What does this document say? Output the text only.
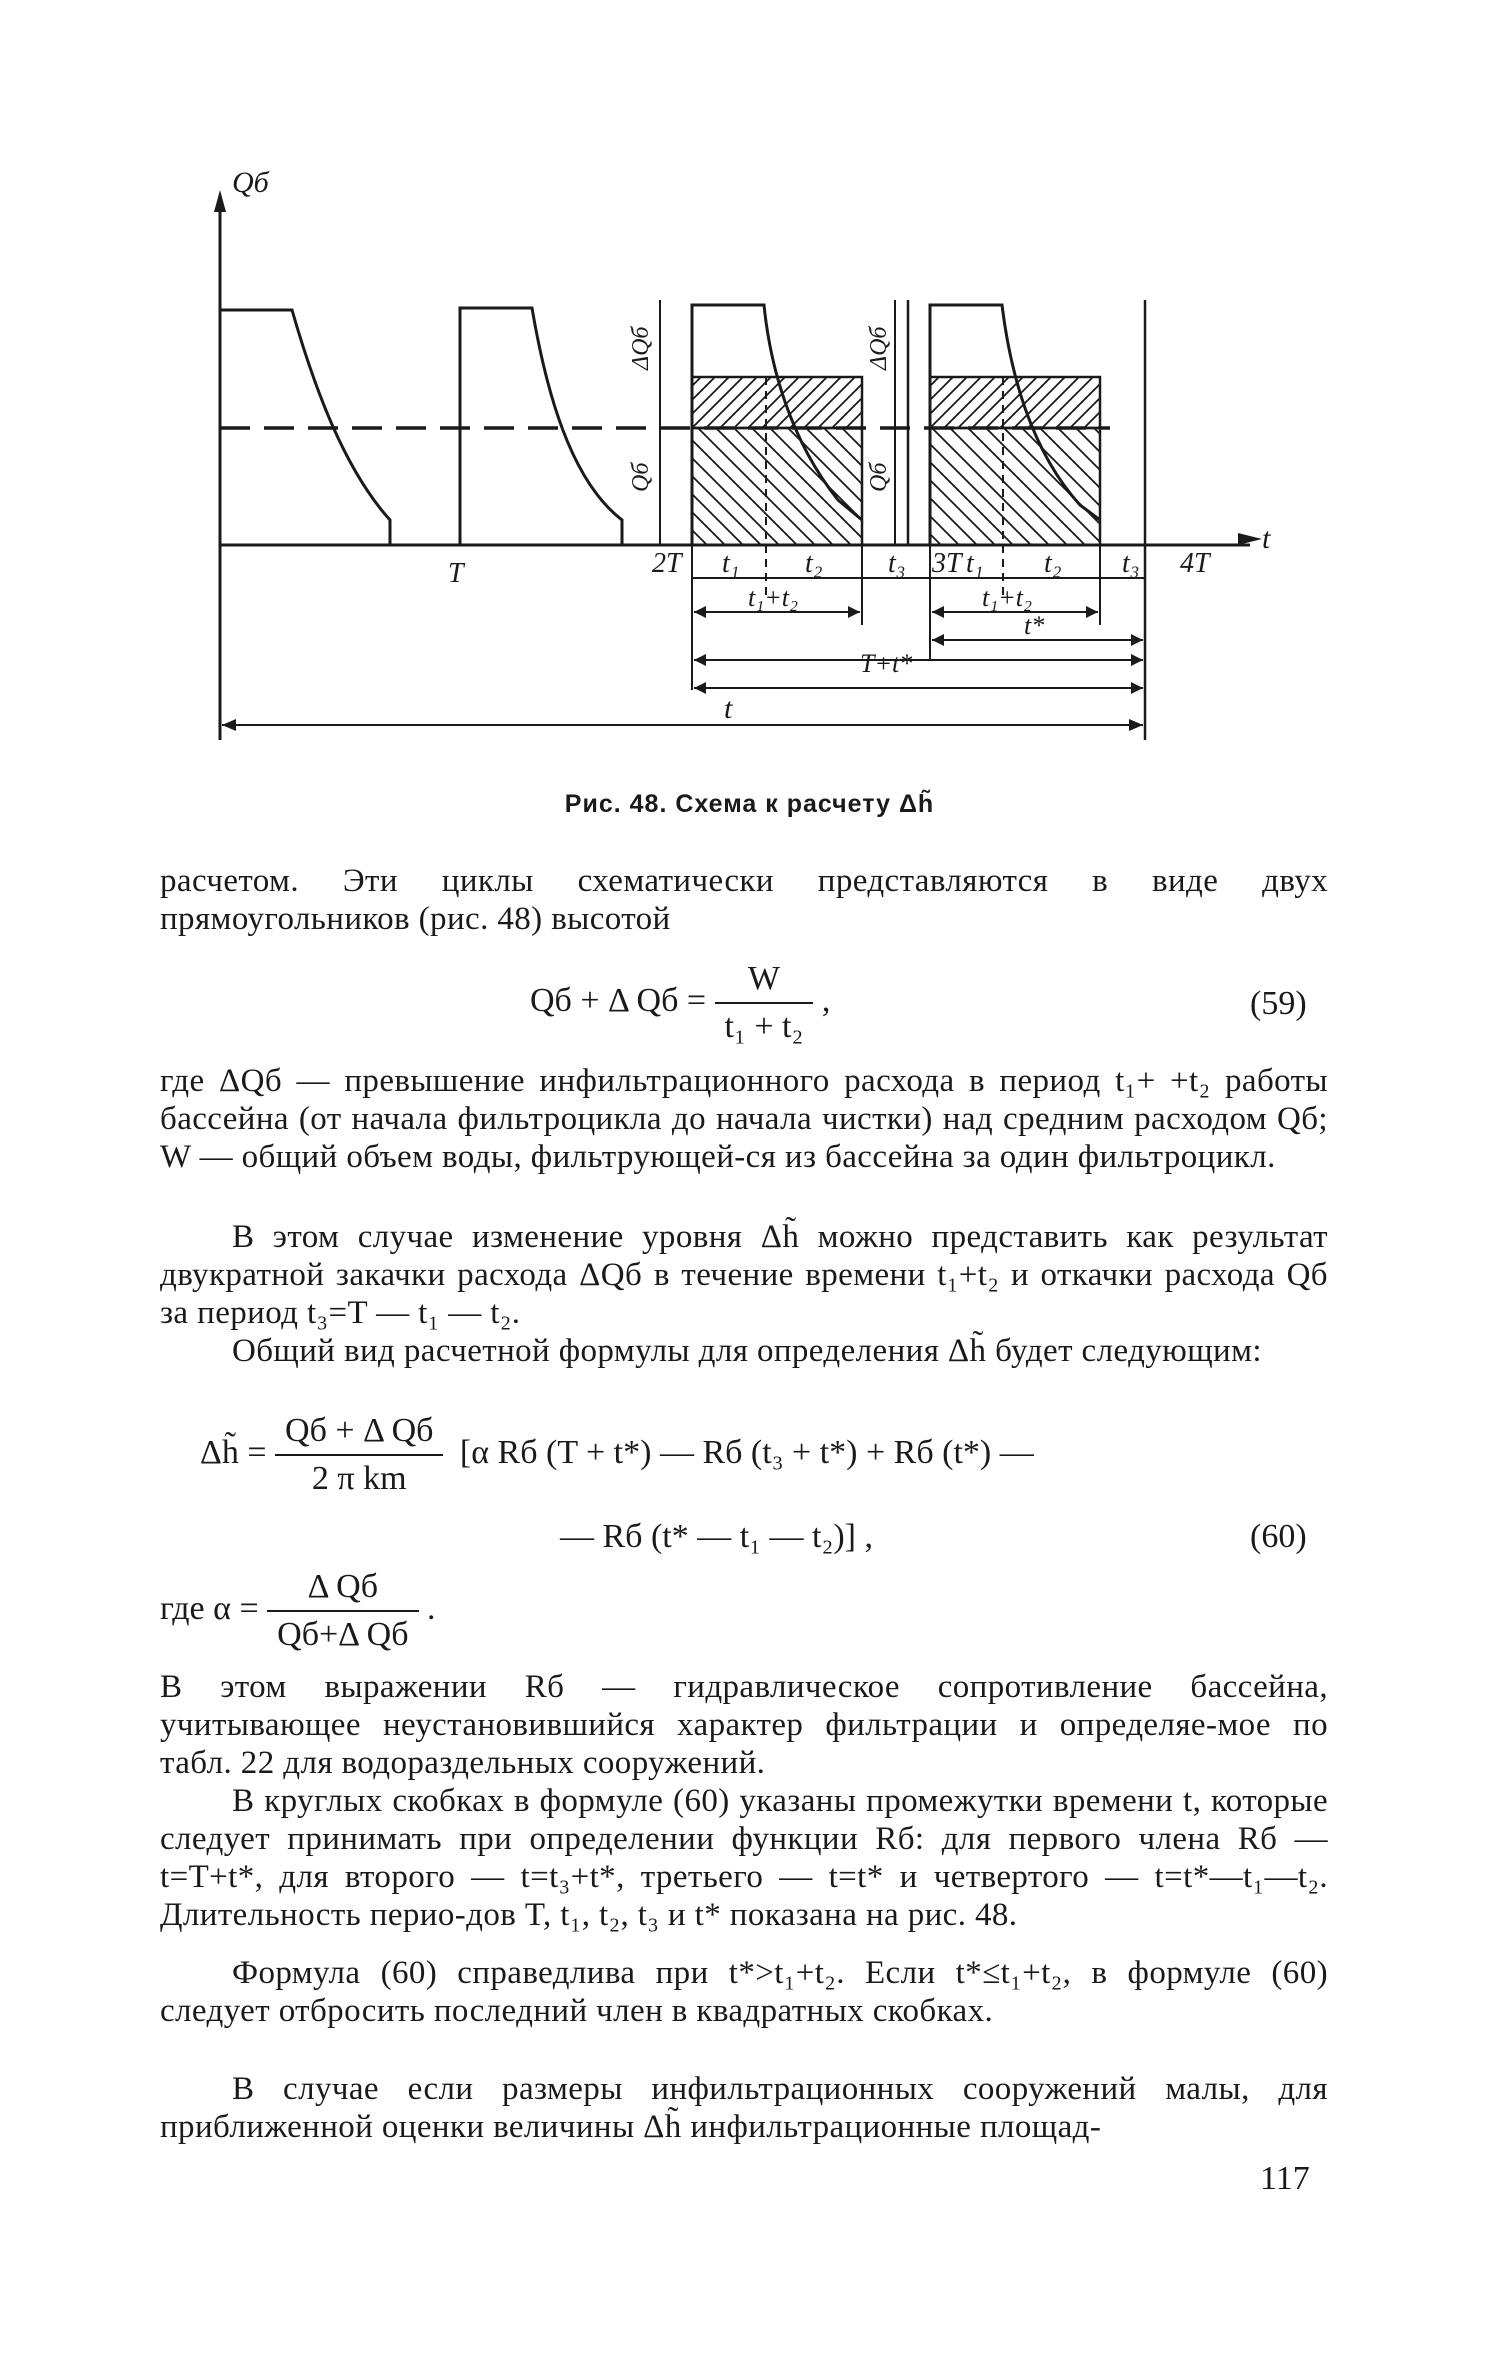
Qб
t
ΔQб
Qб
ΔQб
Qб
T	2T	3T	4T
t₁ t₂ t₃ t₁ t₂ t₃
t₁+t₂	t₁+t₂
t*
T+t*
t
Рис. 48. Схема к расчету Δh̃

расчетом. Эти циклы схематически представляются в виде двух прямоугольников (рис. 48) высотой

Qб + Δ Qб = $\frac{W}{\text{t₁ + t₂}}$ ,	(59)

где ΔQб — превышение инфильтрационного расхода в период t₁+ +t₂ работы бассейна (от начала фильтроцикла до начала чистки) над средним расходом Qб; W — общий объем воды, фильтрующей-ся из бассейна за один фильтроцикл.

В этом случае изменение уровня Δh̃ можно представить как результат двукратной закачки расхода ΔQб в течение времени t₁+t₂ и откачки расхода Qб за период t₃=T — t₁ — t₂.

Общий вид расчетной формулы для определения Δh̃ будет следующим:

Δh̃ = $\frac{\text{Qб + Δ Qб}}{\text{2 π km}} [\alpha$ Rб (T + t*) — Rб (t₃ + t*) + Rб (t*) —
— Rб (t* — t₁ — t₂)] ,	(60)
где $\alpha = \frac{\text{Δ Qб}}{\text{Qб+Δ Qб}}$ .

В этом выражении Rб — гидравлическое сопротивление бассейна, учитывающее неустановившийся характер фильтрации и определяе-мое по табл. 22 для водораздельных сооружений.

В круглых скобках в формуле (60) указаны промежутки времени t, которые следует принимать при определении функции Rб: для первого члена Rб — t=T+t*, для второго — t=t₃+t*, третьего — t=t* и четвертого — t=t*—t₁—t₂. Длительность перио-дов T, t₁, t₂, t₃ и t* показана на рис. 48.

Формула (60) справедлива при t*>t₁+t₂. Если t*≤t₁+t₂, в формуле (60) следует отбросить последний член в квадратных скобках.

В случае если размеры инфильтрационных сооружений малы, для приближенной оценки величины Δh̃ инфильтрационные площад-

117
